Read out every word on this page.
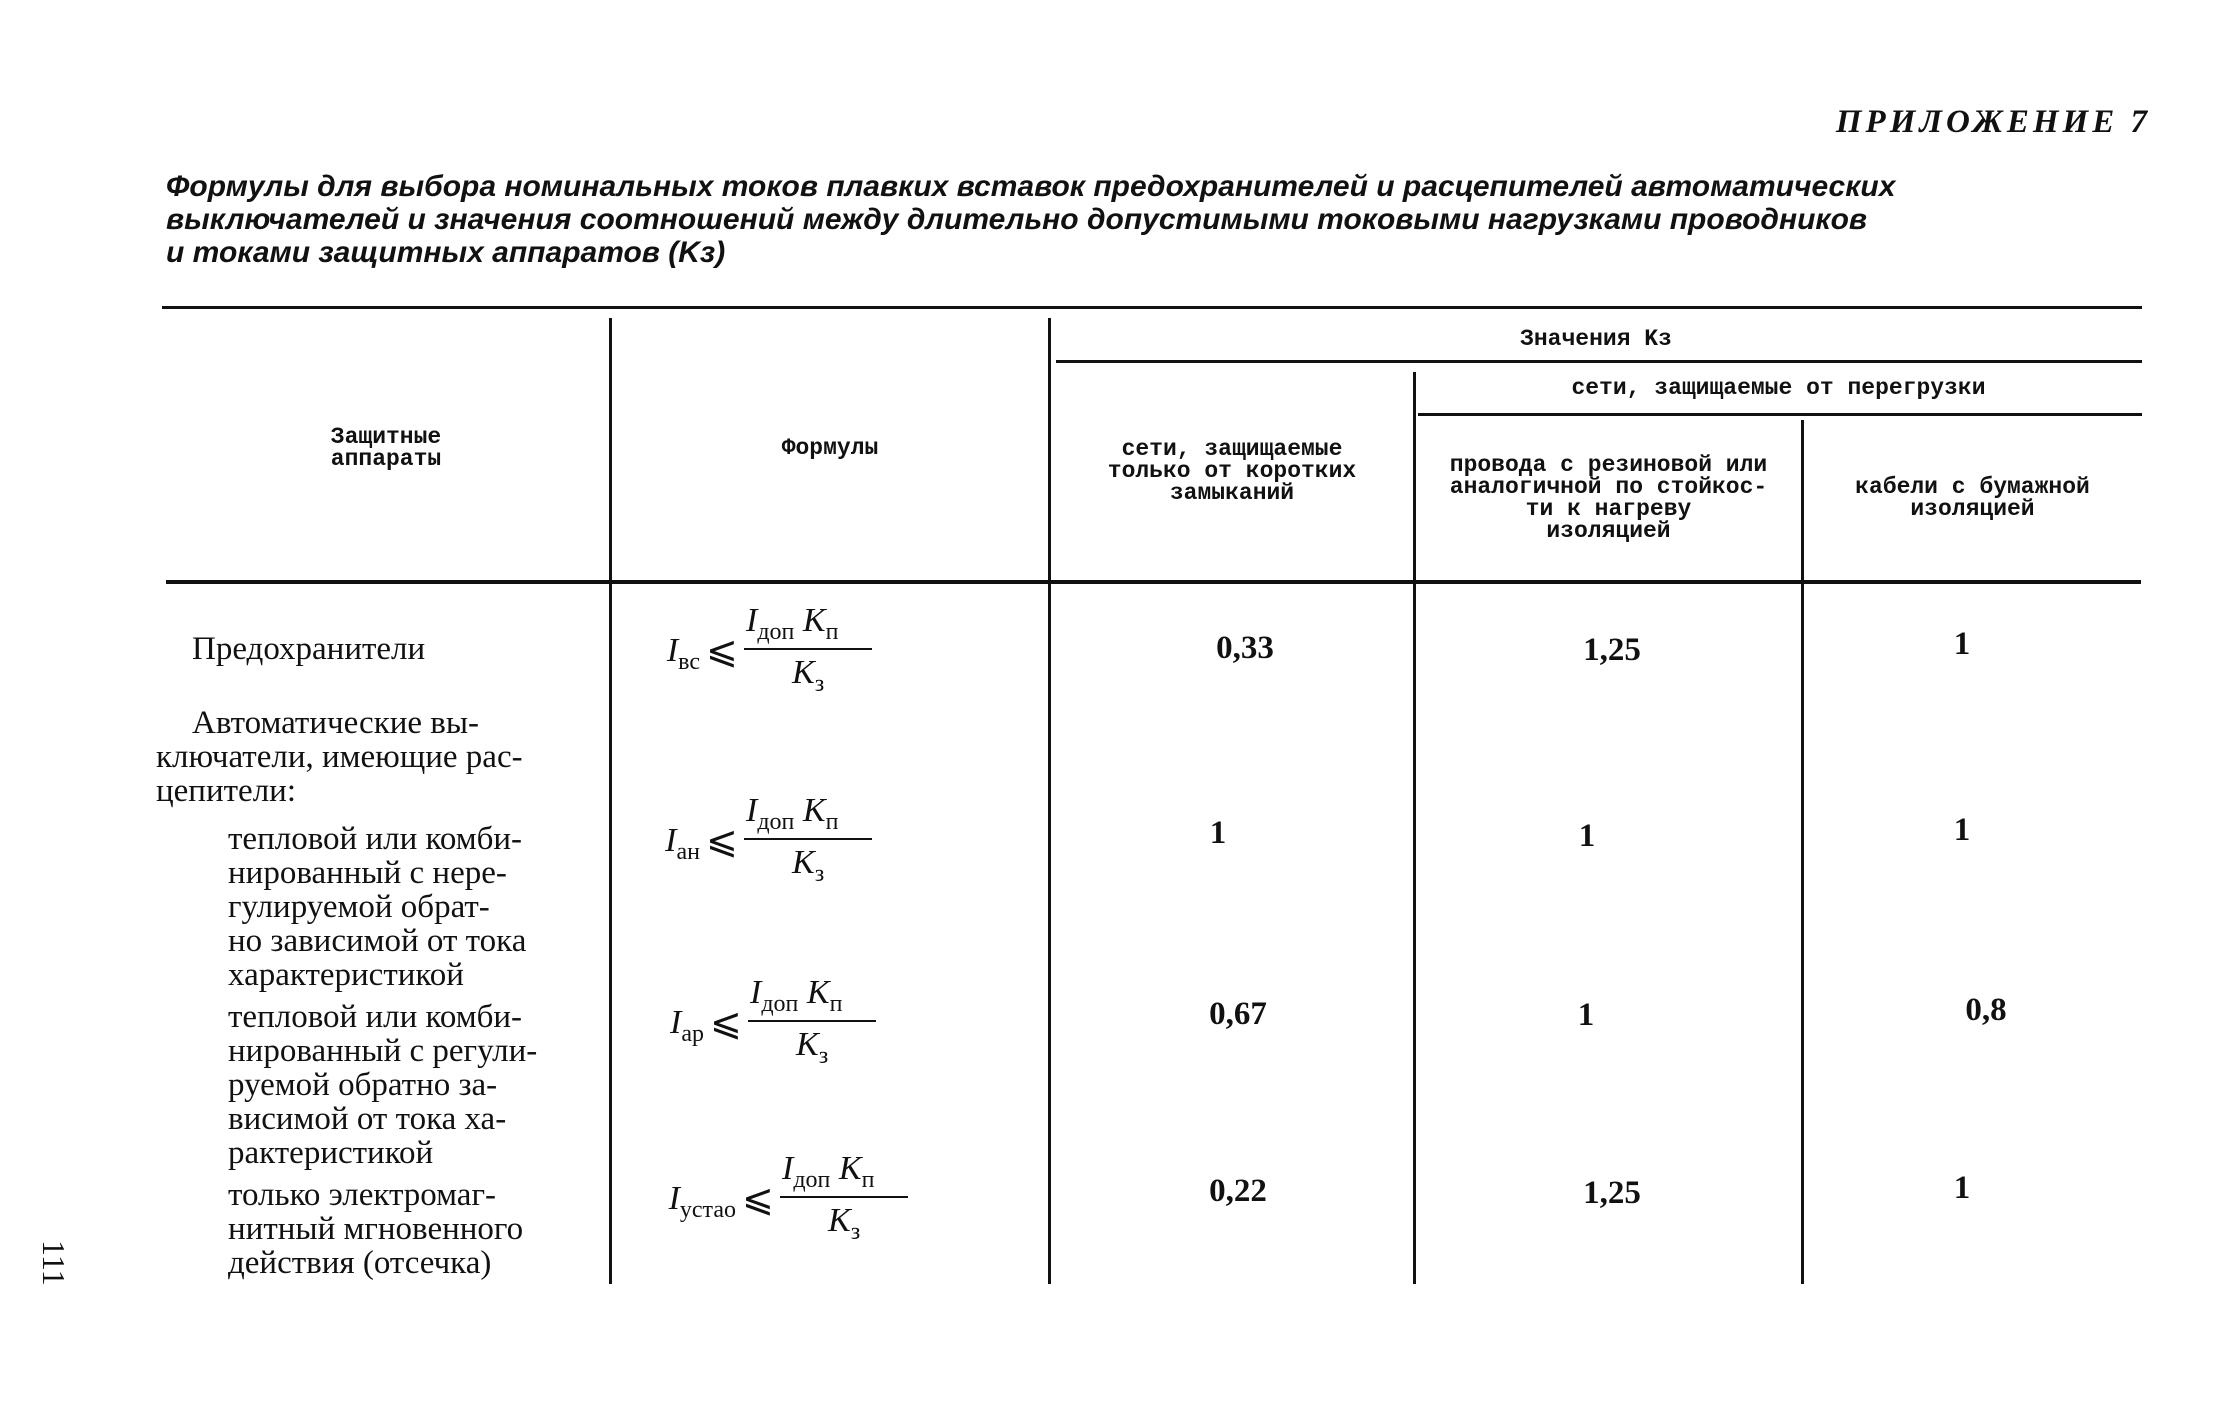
ПРИЛОЖЕНИЕ 7
Формулы для выбора номинальных токов плавких вставок предохранителей и расцепителей автоматических
выключателей и значения соотношений между длительно допустимыми токовыми нагрузками проводников
и токами защитных аппаратов (Kз)
Защитные
аппараты	Формулы
Значения Kз
сети, защищаемые
только от коротких
замыканий
сети, защищаемые от перегрузки
провода с резиновой или
аналогичной по стойкос-
ти к нагреву
изоляцией
кабели с бумажной
изоляцией
Предохранители
Автоматические вы-
ключатели, имеющие рас-
цепители:
тепловой или комби-
нированный с нере-
гулируемой обрат-
но зависимой от тока
характеристикой
тепловой или комби-
нированный с регули-
руемой обратно за-
висимой от тока ха-
рактеристикой
только электромаг-
нитный мгновенного
действия (отсечка)
$I_{вс}$ ⩽
$I_{доп}$ $K_п$
$K_з$
$I_{ан}$ ⩽
$I_{доп}$ $K_п$
$K_з$
$I_{ар}$ ⩽
$I_{доп}$ $K_п$
$K_з$
$I_{устао}$ ⩽
$I_{доп}$ $K_п$
$K_з$
0,33
1
0,67
0,22
1,25
1
1
1,25
1
1
0,8
1
111
